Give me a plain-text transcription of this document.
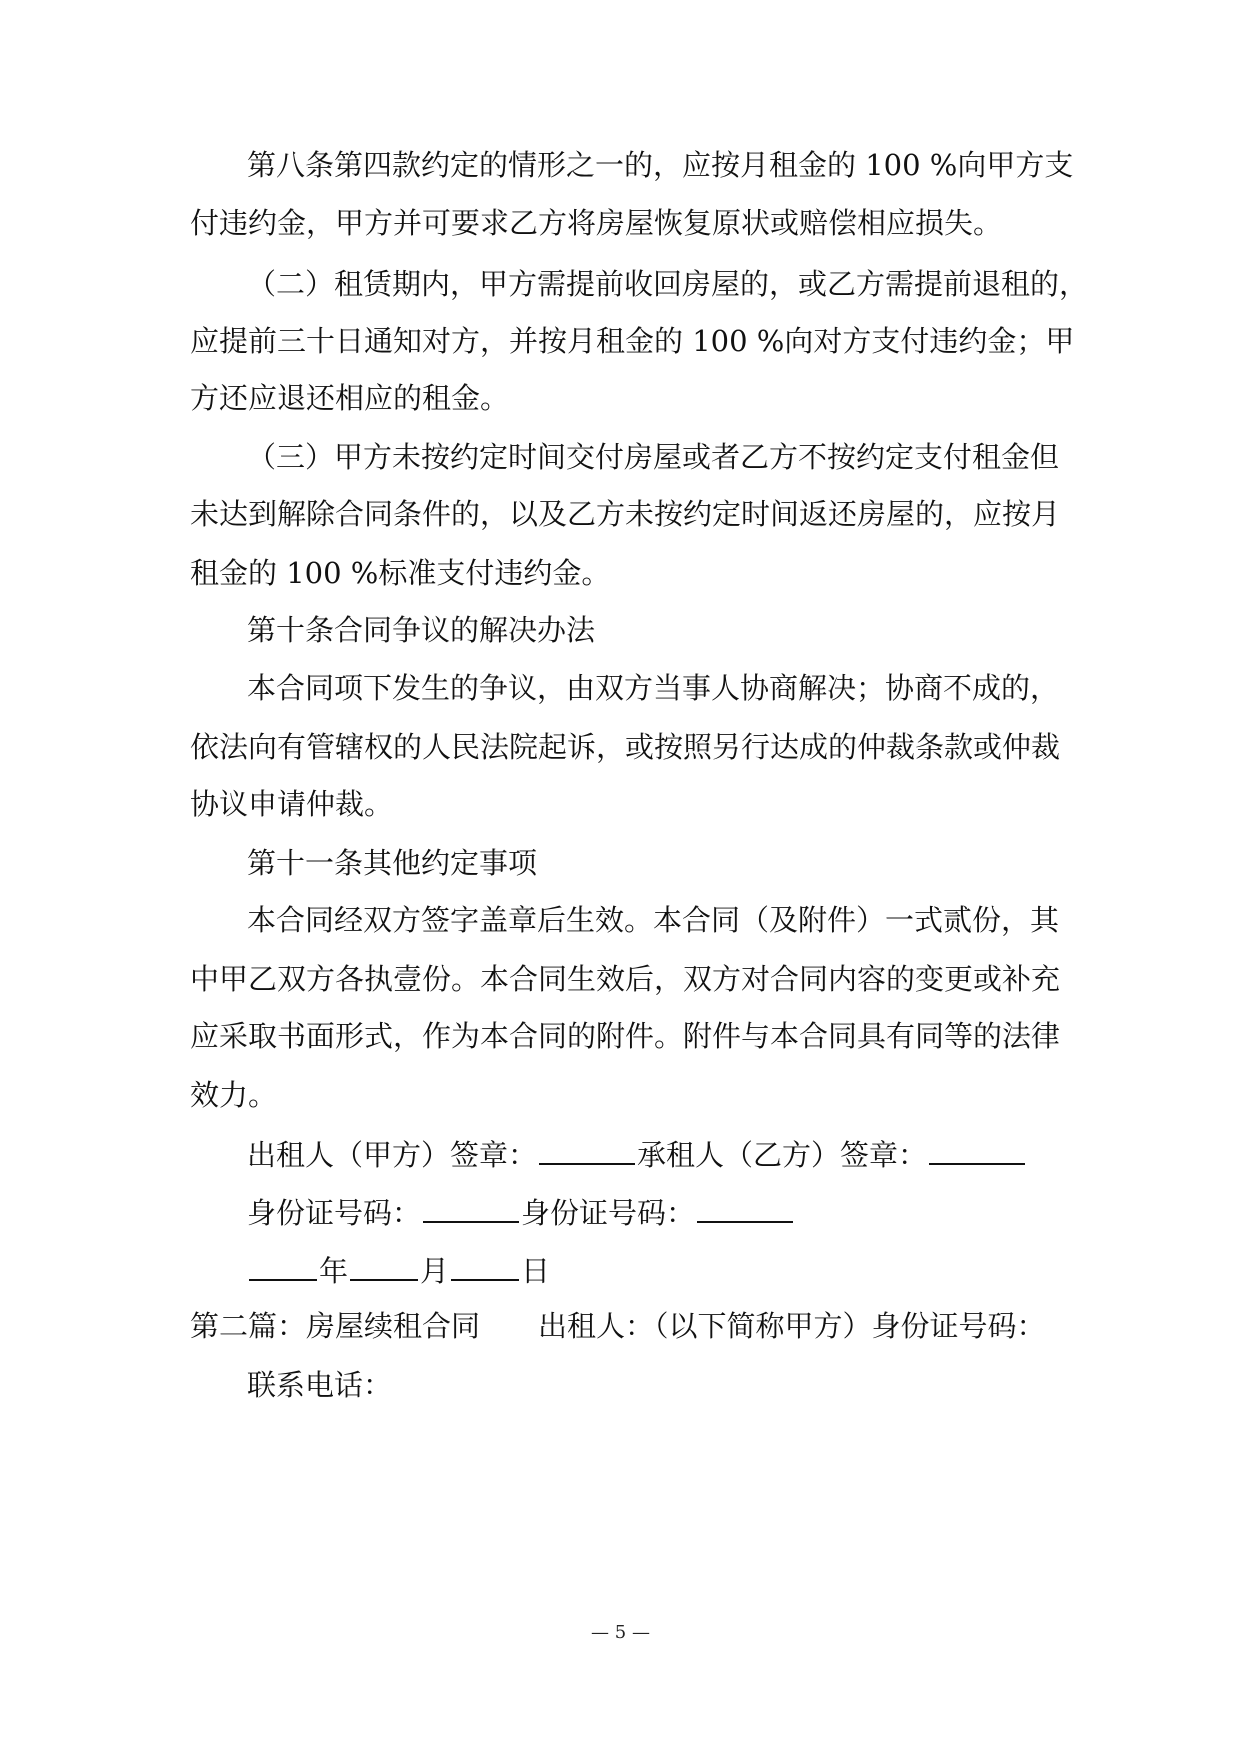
第八条第四款约定的情形之一的，应按月租金的 100 %向甲方支
付违约金，甲方并可要求乙方将房屋恢复原状或赔偿相应损失。
（二）租赁期内，甲方需提前收回房屋的，或乙方需提前退租的，
应提前三十日通知对方，并按月租金的 100 %向对方支付违约金；甲
方还应退还相应的租金。
（三）甲方未按约定时间交付房屋或者乙方不按约定支付租金但
未达到解除合同条件的，以及乙方未按约定时间返还房屋的，应按月
租金的 100 %标准支付违约金。
第十条合同争议的解决办法
本合同项下发生的争议，由双方当事人协商解决；协商不成的，
依法向有管辖权的人民法院起诉，或按照另行达成的仲裁条款或仲裁
协议申请仲裁。
第十一条其他约定事项
本合同经双方签字盖章后生效。本合同（及附件）一式贰份，其
中甲乙双方各执壹份。本合同生效后，双方对合同内容的变更或补充
应采取书面形式，作为本合同的附件。附件与本合同具有同等的法律
效力。
出租人（甲方）签章：	承租人（乙方）签章：
身份证号码：	身份证号码：
年 月 日
第二篇：房屋续租合同 出租人：（以下简称甲方）身份证号码：
联系电话：
— 5 —
